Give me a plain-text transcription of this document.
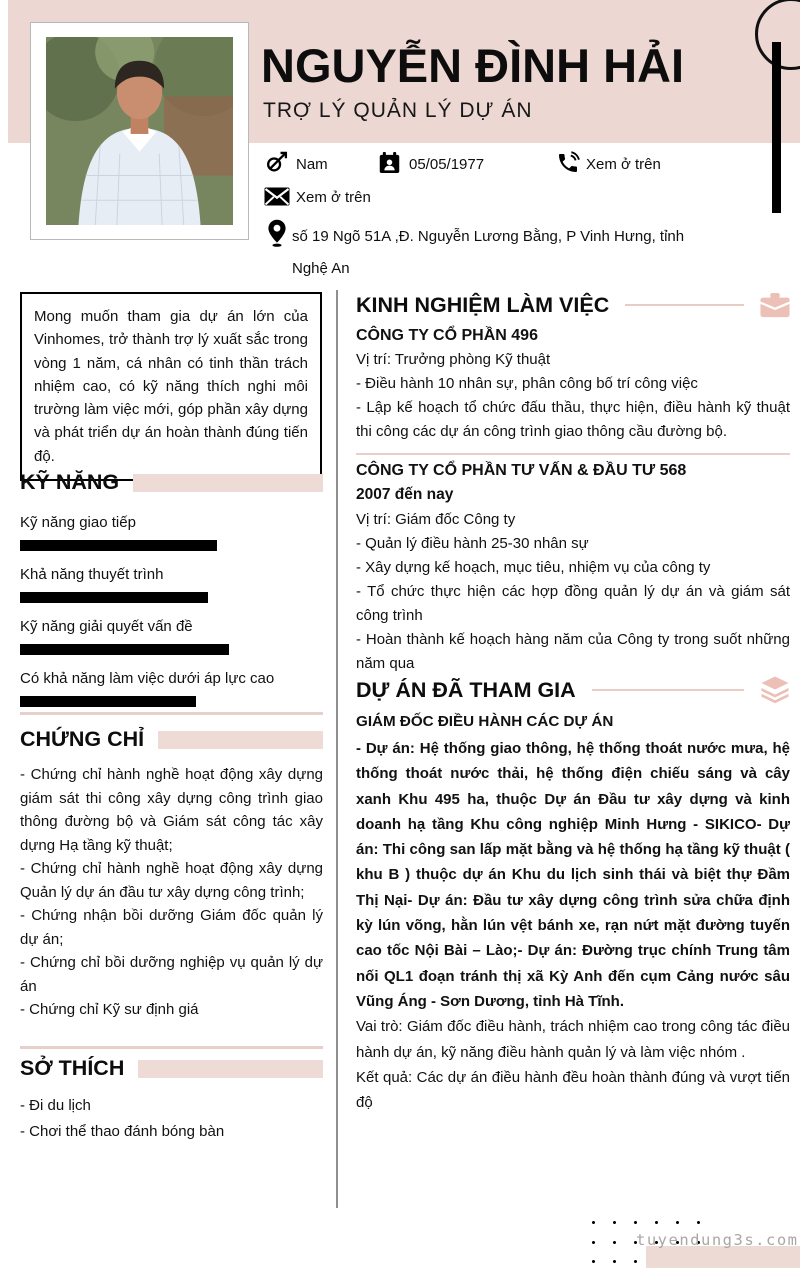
NGUYỄN ĐÌNH HẢI
TRỢ LÝ QUẢN LÝ DỰ ÁN
Nam	05/05/1977	Xem ở trên
Xem ở trên
số 19 Ngõ 51A ,Đ. Nguyễn Lương Bằng, P Vinh Hưng, tỉnh Nghệ An
Mong muốn tham gia dự án lớn của Vinhomes, trở thành trợ lý xuất sắc trong vòng 1 năm, cá nhân có tinh thần trách nhiệm cao, có kỹ năng thích nghi môi trường làm việc mới, góp phần xây dựng và phát triển dự án hoàn thành đúng tiến độ.
KỸ NĂNG
Kỹ năng giao tiếp
Khả năng thuyết trình
Kỹ năng giải quyết vấn đề
Có khả năng làm việc dưới áp lực cao
CHỨNG CHỈ

- Chứng chỉ hành nghề hoạt động xây dựng giám sát thi công xây dựng công trình giao thông đường bộ và Giám sát công tác xây dựng Hạ tầng kỹ thuật;

- Chứng chỉ hành nghề hoạt động xây dựng Quản lý dự án đầu tư xây dựng công trình;

- Chứng nhận bồi dưỡng Giám đốc quản lý dự án;

- Chứng chỉ bồi dưỡng nghiệp vụ quản lý dự án

- Chứng chỉ Kỹ sư định giá

SỞ THÍCH

- Đi du lịch

- Chơi thể thao đánh bóng bàn

KINH NGHIỆM LÀM VIỆC
CÔNG TY CỔ PHẦN 496

Vị trí: Trưởng phòng Kỹ thuật

- Điều hành 10 nhân sự, phân công bố trí công việc

- Lập kế hoạch tổ chức đấu thầu, thực hiện, điều hành kỹ thuật thi công các dự án công trình giao thông cầu đường bộ.

CÔNG TY CỔ PHẦN TƯ VẤN & ĐẦU TƯ 568

2007 đến nay

Vị trí: Giám đốc Công ty

- Quản lý điều hành 25-30 nhân sự

- Xây dựng kế hoạch, mục tiêu, nhiệm vụ của công ty

- Tổ chức thực hiện các hợp đồng quản lý dự án và giám sát công trình

- Hoàn thành kế hoạch hàng năm của Công ty trong suốt những năm qua

DỰ ÁN ĐÃ THAM GIA

GIÁM ĐỐC ĐIỀU HÀNH CÁC DỰ ÁN

- Dự án: Hệ thống giao thông, hệ thống thoát nước mưa, hệ thống thoát nước thải, hệ thống điện chiếu sáng và cây xanh Khu 495 ha, thuộc Dự án Đầu tư xây dựng và kinh doanh hạ tầng Khu công nghiệp Minh Hưng - SIKICO- Dự án: Thi công san lấp mặt bằng và hệ thống hạ tầng kỹ thuật ( khu B ) thuộc dự án Khu du lịch sinh thái và biệt thự Đầm Thị Nại- Dự án: Đầu tư xây dựng công trình sửa chữa định kỳ lún võng, hằn lún vệt bánh xe, rạn nứt mặt đường tuyến cao tốc Nội Bài – Lào;- Dự án: Đường trục chính Trung tâm nối QL1 đoạn tránh thị xã Kỳ Anh đến cụm Cảng nước sâu Vũng Áng - Sơn Dương, tỉnh Hà Tĩnh.

Vai trò: Giám đốc điều hành, trách nhiệm cao trong công tác điều hành dự án, kỹ năng điều hành quản lý và làm việc nhóm .

Kết quả: Các dự án điều hành đều hoàn thành đúng và vượt tiến độ

tuyendung3s.com
